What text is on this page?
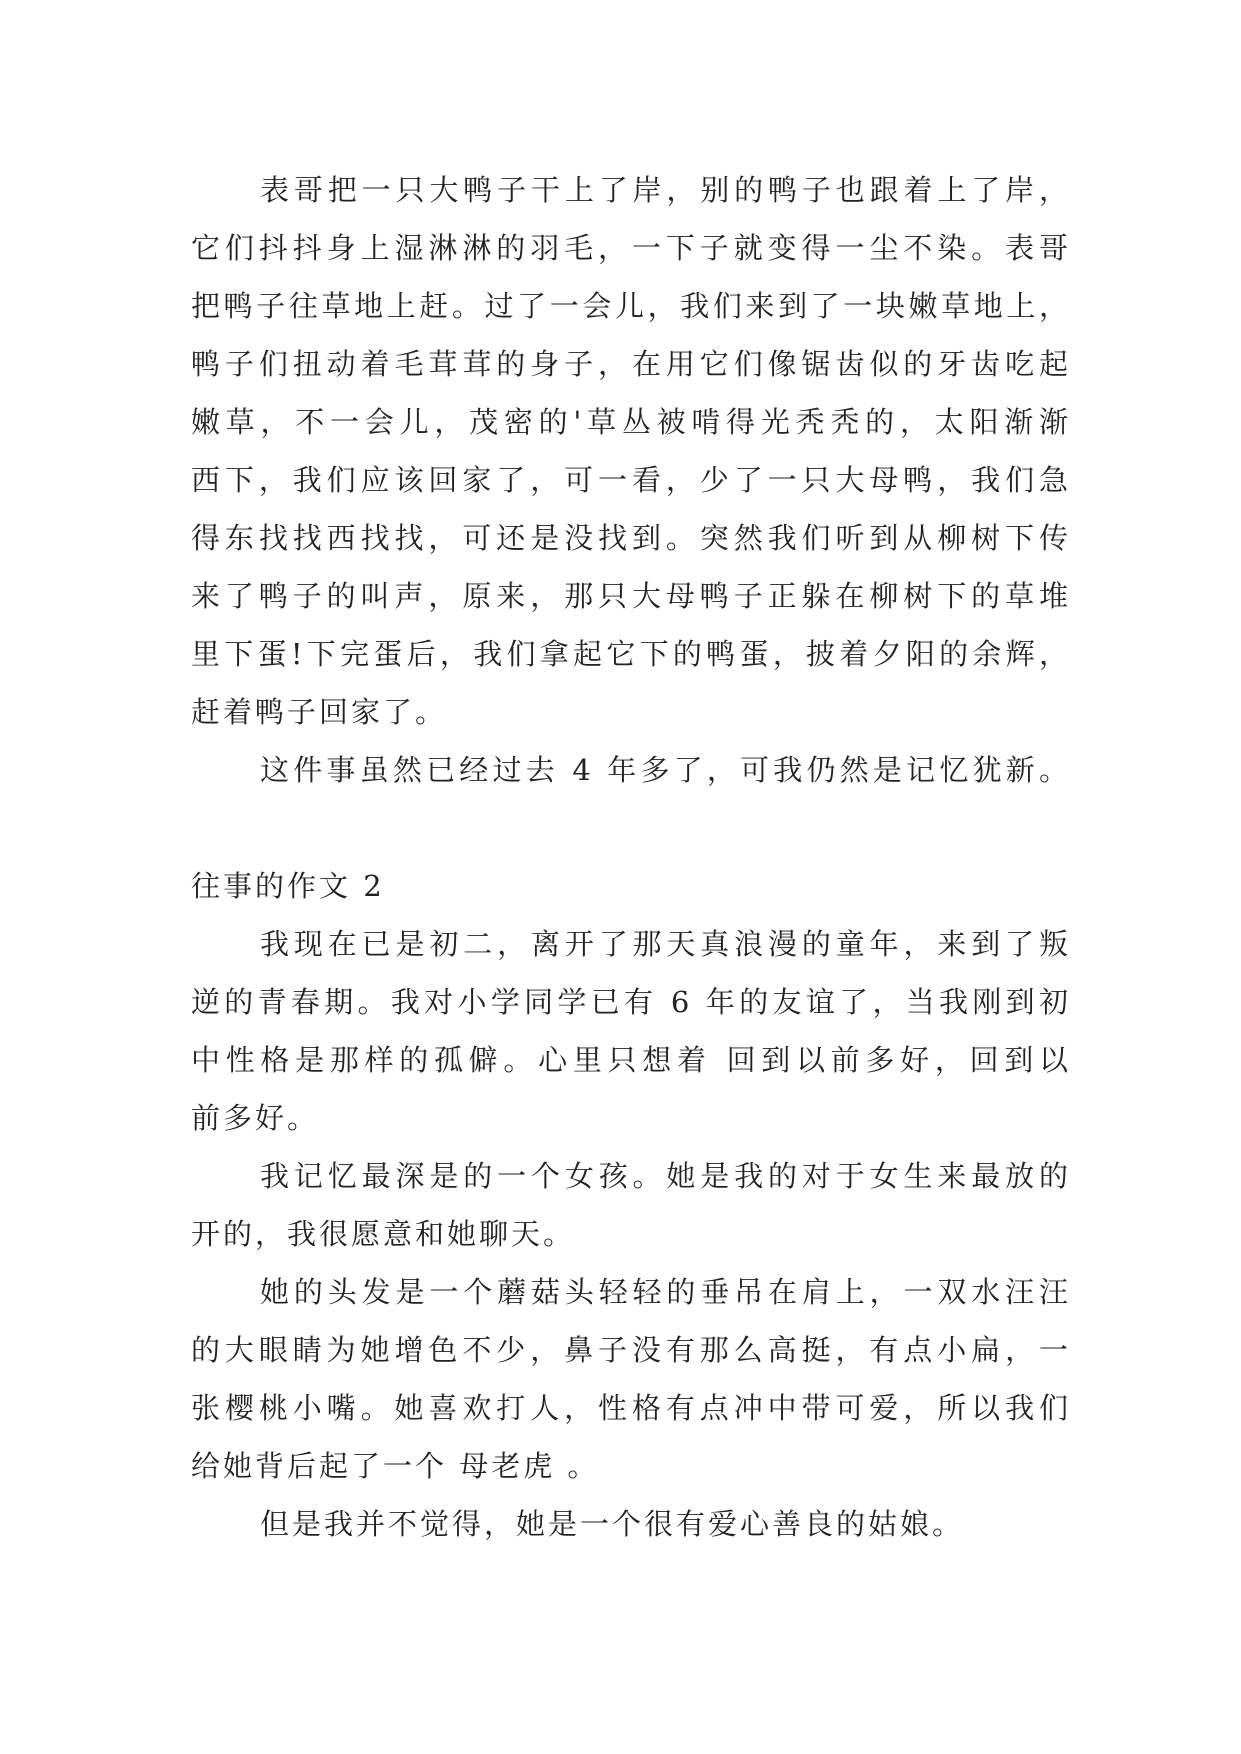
表哥把一只大鸭子干上了岸，别的鸭子也跟着上了岸，
它们抖抖身上湿淋淋的羽毛，一下子就变得一尘不染。表哥
把鸭子往草地上赶。过了一会儿，我们来到了一块嫩草地上，
鸭子们扭动着毛茸茸的身子，在用它们像锯齿似的牙齿吃起
嫩草，不一会儿，茂密的'草丛被啃得光秃秃的，太阳渐渐
西下，我们应该回家了，可一看，少了一只大母鸭，我们急
得东找找西找找，可还是没找到。突然我们听到从柳树下传
来了鸭子的叫声，原来，那只大母鸭子正躲在柳树下的草堆
里下蛋!下完蛋后，我们拿起它下的鸭蛋，披着夕阳的余辉，
赶着鸭子回家了。
这件事虽然已经过去 4 年多了，可我仍然是记忆犹新。
往事的作文 2
我现在已是初二，离开了那天真浪漫的童年，来到了叛
逆的青春期。我对小学同学已有 6 年的友谊了，当我刚到初
中性格是那样的孤僻。心里只想着 回到以前多好，回到以
前多好。
我记忆最深是的一个女孩。她是我的对于女生来最放的
开的，我很愿意和她聊天。
她的头发是一个蘑菇头轻轻的垂吊在肩上，一双水汪汪
的大眼睛为她增色不少，鼻子没有那么高挺，有点小扁，一
张樱桃小嘴。她喜欢打人，性格有点冲中带可爱，所以我们
给她背后起了一个 母老虎 。
但是我并不觉得，她是一个很有爱心善良的姑娘。
